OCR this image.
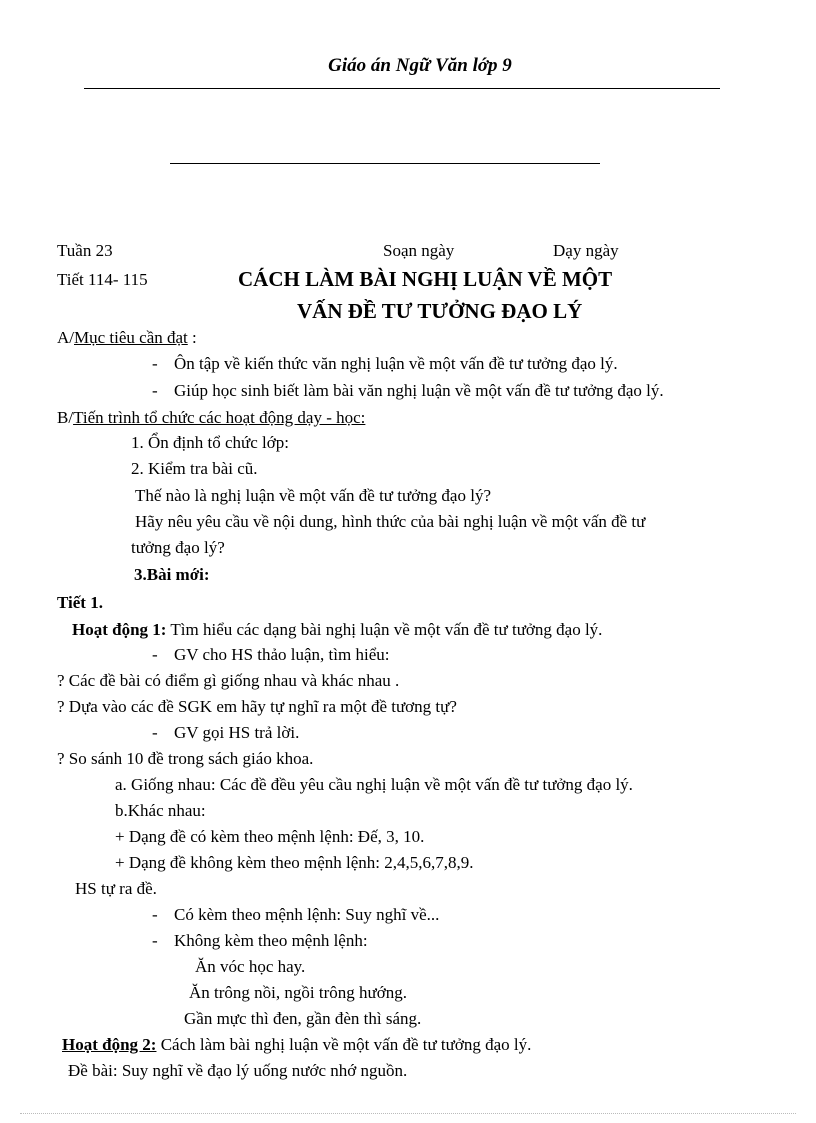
Giáo án Ngữ Văn lớp 9
Tuần 23	Soạn ngày	Dạy ngày
Tiết 114- 115	CÁCH LÀM BÀI NGHỊ LUẬN VỀ MỘT
VẤN ĐỀ TƯ TƯỞNG ĐẠO LÝ
A/Mục tiêu cần đạt :
- Ôn tập về kiến thức văn nghị luận về một vấn đề tư tưởng đạo lý.
- Giúp học sinh biết làm bài văn nghị luận về một vấn đề tư tưởng đạo lý.
B/Tiến trình tổ chức các hoạt động dạy - học:
1. Ổn định tổ chức lớp:
2. Kiểm tra bài cũ.
Thế nào là nghị luận về một vấn đề tư tưởng đạo lý?
Hãy nêu yêu cầu về nội dung, hình thức của bài nghị luận về một vấn đề tư
tưởng đạo lý?
3.Bài mới:
Tiết 1.
Hoạt động 1: Tìm hiểu các dạng bài nghị luận về một vấn đề tư tưởng đạo lý.
- GV cho HS thảo luận, tìm hiểu:
? Các đề bài có điểm gì giống nhau và khác nhau .
? Dựa vào các đề SGK em hãy tự nghĩ ra một đề tương tự?
- GV gọi HS trả lời.
? So sánh 10 đề trong sách giáo khoa.
a. Giống nhau: Các đề đều yêu cầu nghị luận về một vấn đề tư tưởng đạo lý.
b.Khác nhau:
+ Dạng đề có kèm theo mệnh lệnh: Đế, 3, 10.
+ Dạng đề không kèm theo mệnh lệnh: 2,4,5,6,7,8,9.
HS tự ra đề.
- Có kèm theo mệnh lệnh: Suy nghĩ về...
- Không kèm theo mệnh lệnh:
Ăn vóc học hay.
Ăn trông nồi, ngồi trông hướng.
Gần mực thì đen, gần đèn thì sáng.
Hoạt động 2: Cách làm bài nghị luận về một vấn đề tư tưởng đạo lý.
Đề bài: Suy nghĩ về đạo lý uống nước nhớ nguồn.
